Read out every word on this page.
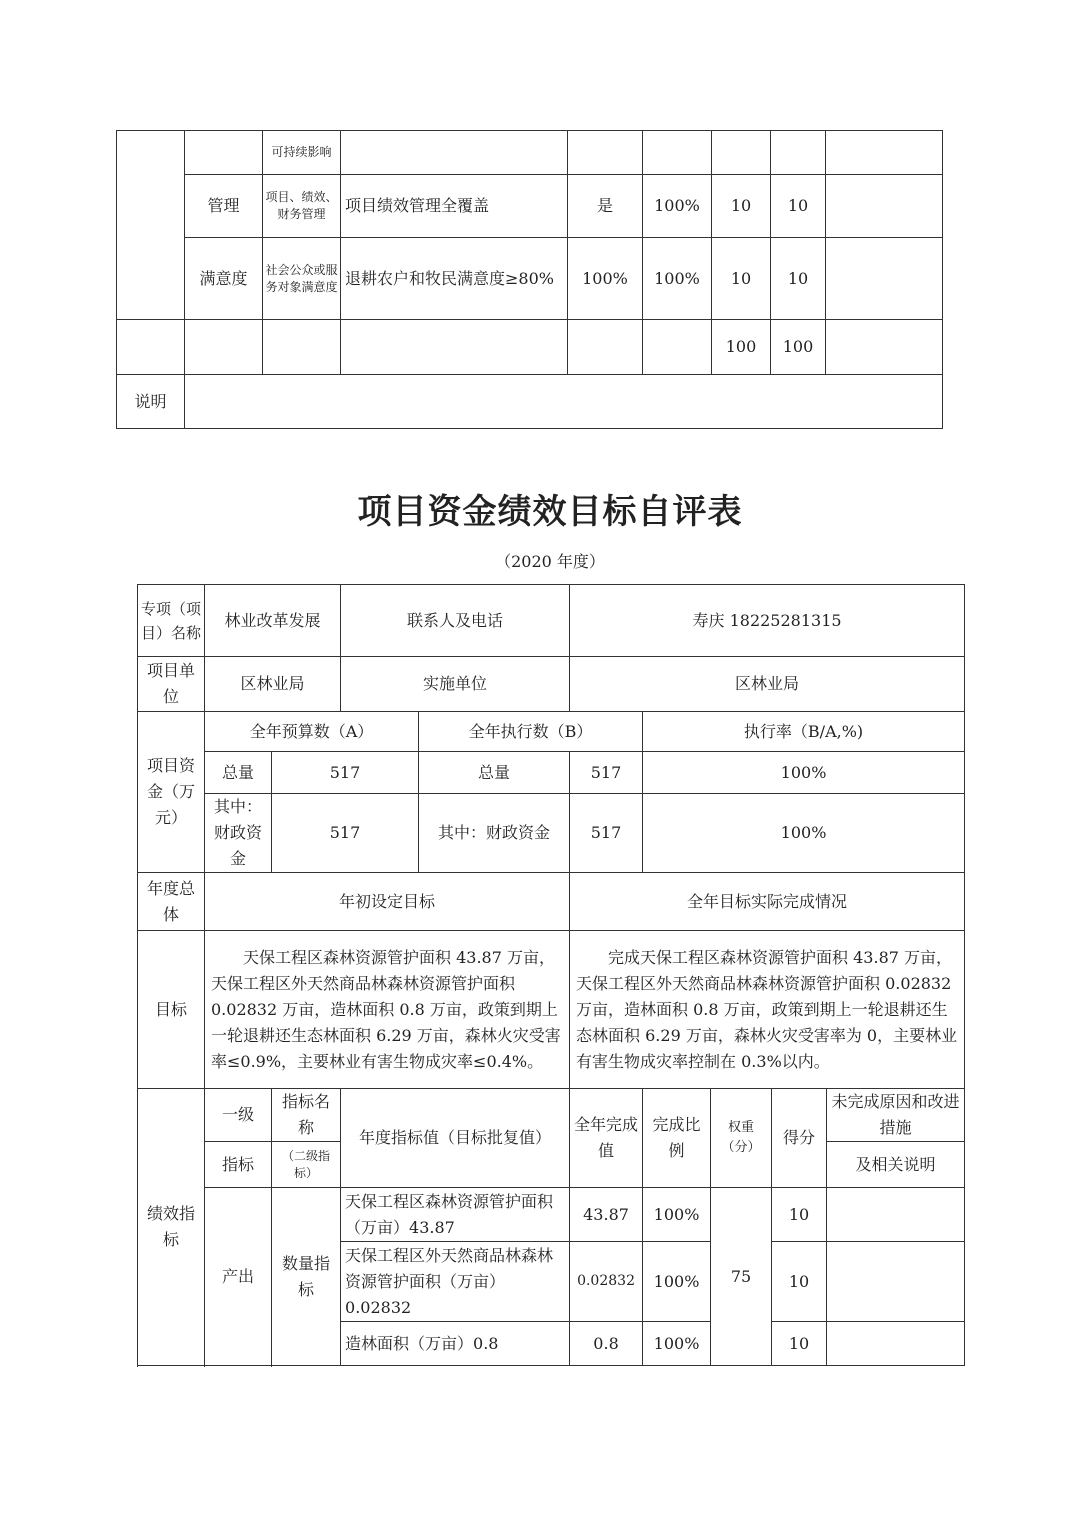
		可持续影响						
	管理	项目、绩效、财务管理	项目绩效管理全覆盖	是	100%	10	10	
	满意度	社会公众或服务对象满意度	退耕农户和牧民满意度≥80%	100%	100%	10	10	
						100	100	
说明								
项目资金绩效目标自评表
（2020 年度）
专项（项目）名称	林业改革发展		联系人及电话		寿庆 18225281315				
项目单位	区林业局		实施单位		区林业局				
项目资金（万元）	全年预算数（A）			全年执行数（B）		执行率（B/A,%)			
	总量	517		总量	517	100%			
	其中：财政资金	517		其中：财政资金	517	100%			
年度总体	年初设定目标				全年目标实际完成情况				
目标	天保工程区森林资源管护面积 43.87 万亩，天保工程区外天然商品林森林资源管护面积 0.02832 万亩，造林面积 0.8 万亩，政策到期上一轮退耕还生态林面积 6.29 万亩，森林火灾受害率≤0.9%，主要林业有害生物成灾率≤0.4%。				完成天保工程区森林资源管护面积 43.87 万亩，天保工程区外天然商品林森林资源管护面积 0.02832 万亩，造林面积 0.8 万亩，政策到期上一轮退耕还生态林面积 6.29 万亩，森林火灾受害率为 0，主要林业有害生物成灾率控制在 0.3%以内。				
绩效指标	一级	指标名称	年度指标值（目标批复值）		全年完成值	完成比例	权重（分）	得分	未完成原因和改进措施
	指标	（二级指标）							及相关说明
	产出	数量指标	天保工程区森林资源管护面积（万亩）43.87		43.87	100%	75	10	
			天保工程区外天然商品林森林资源管护面积（万亩）0.02832		0.02832	100%		10	
			造林面积（万亩）0.8		0.8	100%		10	
